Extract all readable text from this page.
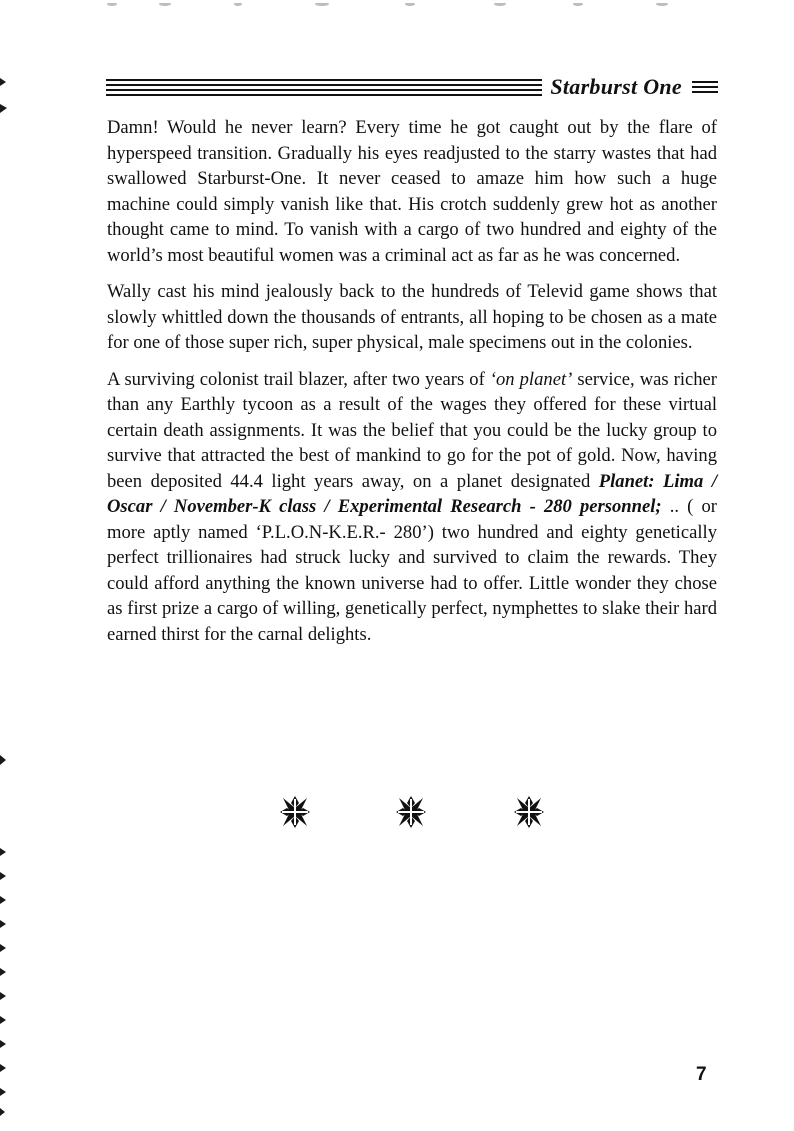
Starburst One

Damn! Would he never learn? Every time he got caught out by the flare of hyperspeed transition. Gradually his eyes readjusted to the starry wastes that had swallowed Starburst-One. It never ceased to amaze him how such a huge machine could simply vanish like that. His crotch suddenly grew hot as another thought came to mind. To vanish with a cargo of two hundred and eighty of the world’s most beautiful women was a criminal act as far as he was concerned.

Wally cast his mind jealously back to the hundreds of Televid game shows that slowly whittled down the thousands of entrants, all hoping to be chosen as a mate for one of those super rich, super physical, male specimens out in the colonies.

A surviving colonist trail blazer, after two years of ‘on planet’ service, was richer than any Earthly tycoon as a result of the wages they offered for these virtual certain death assignments. It was the belief that you could be the lucky group to survive that attracted the best of mankind to go for the pot of gold. Now, having been deposited 44.4 light years away, on a planet designated Planet: Lima / Oscar / November-K class / Experimental Research - 280 personnel; .. ( or more aptly named ‘P.L.O.N-K.E.R.- 280’) two hundred and eighty genetically perfect trillionaires had struck lucky and survived to claim the rewards. They could afford anything the known universe had to offer. Little wonder they chose as first prize a cargo of willing, genetically perfect, nymphettes to slake their hard earned thirst for the carnal delights.

7
